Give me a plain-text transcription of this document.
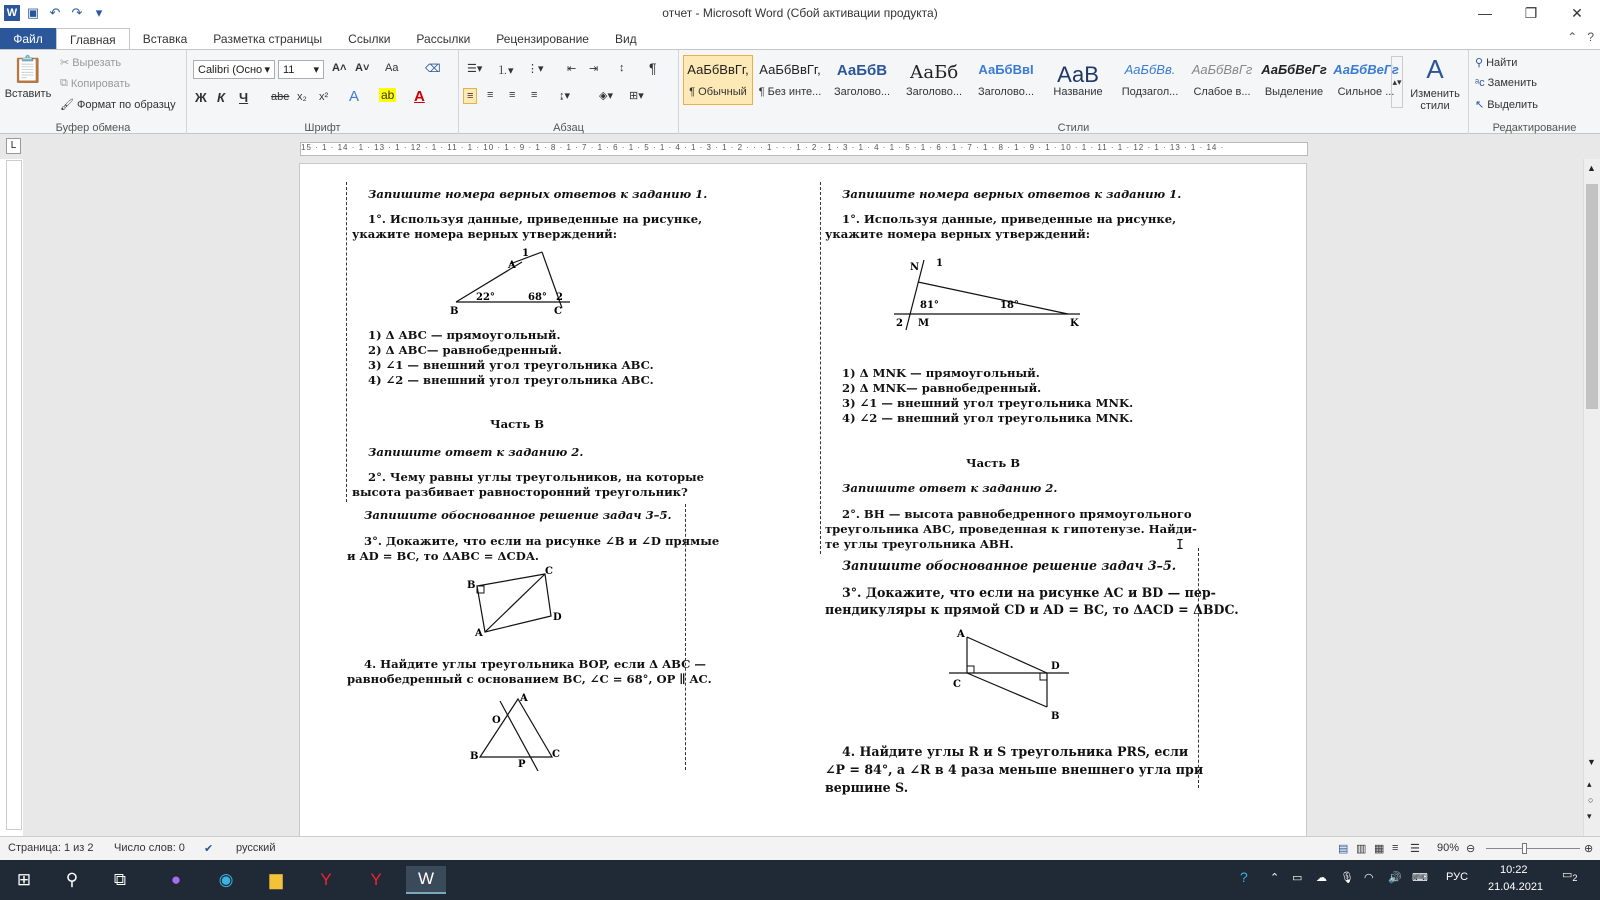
W ▣ ↶ ↷	▾	отчет - Microsoft Word (Сбой активации продукта)	—	❐	✕
Файл	Главная	Вставка	Разметка страницы	Ссылки	Рассылки	Рецензирование	Вид	⌃ ?
📋
Вставить
✂ Вырезать
⧉ Копировать
🖌 Формат по образцу
Буфер обмена
Calibri (Осно ▾ 11 ▾ A˄ A˅ Aa ⌫
Ж К Ч abe x₂ x² A ab A
Шрифт
☰▾ ⒈▾ ⋮▾ ⇤ ⇥ ↕ ¶
≡	≡ ≡ ≡ ↨▾	◈▾ ⊞▾
Абзац
АаБбВвГг,
¶ Обычный
АаБбВвГг,
¶ Без инте...
АаБбВ
Заголово...
АаБб
Заголово...
АаБбВвI
Заголово...
АаВ
Название
АаБбВв.
Подзагол...
АаБбВвГг
Слабое в...
АаБбВеГг
Выделение
АаБбВеГг
Сильное ...
▴▾ A
Изменить стили
Стили
⚲ Найти
ᵃc Заменить
↖ Выделить
Редактирование
L	15 · 1 · 14 · 1 · 13 · 1 · 12 · 1 · 11 · 1 · 10 · 1 · 9 · 1 · 8 · 1 · 7 · 1 · 6 · 1 · 5 · 1 · 4 · 1 · 3 · 1 · 2 · · · 1 · · · 1 · 2 · 1 · 3 · 1 · 4 · 1 · 5 · 1 · 6 · 1 · 7 · 1 · 8 · 1 · 9 · 1 · 10 · 1 · 11 · 1 · 12 · 1 · 13 · 1 · 14 ·
Запишите номера верных ответов к заданию 1.
1°. Используя данные, приведенные на рисунке,
укажите номера верных утверждений:
A
1
B	C
2
22°	68°
1) Δ ABC — прямоугольный.
2) Δ ABC— равнобедренный.
3) ∠1 — внешний угол треугольника ABC.
4) ∠2 — внешний угол треугольника ABC.
Часть B
Запишите ответ к заданию 2.
2°. Чему равны углы треугольников, на которые
высота разбивает равносторонний треугольник?
Запишите обоснованное решение задач 3–5.
3°. Докажите, что если на рисунке ∠B и ∠D прямые
и AD = BC, то ΔABC = ΔCDA.
B
C
D
A
4. Найдите углы треугольника BOP, если Δ ABC —
равнобедренный с основанием BC, ∠C = 68°, OP ∥ AC.
A
O
B	C
P
Запишите номера верных ответов к заданию 1.
1°. Используя данные, приведенные на рисунке,
укажите номера верных утверждений:
N 1
81°	18°
2 M	K
1) Δ MNK — прямоугольный.
2) Δ MNK— равнобедренный.
3) ∠1 — внешний угол треугольника MNK.
4) ∠2 — внешний угол треугольника MNK.
Часть B
Запишите ответ к заданию 2.
2°. BH — высота равнобедренного прямоугольного
треугольника ABC, проведенная к гипотенузе. Найди-
те углы треугольника ABH.	I
Запишите обоснованное решение задач 3–5.
3°. Докажите, что если на рисунке AC и BD — пер-
пендикуляры к прямой CD и AD = BC, то ΔACD = ΔBDC.
A
D
C
B
4. Найдите углы R и S треугольника PRS, если
∠P = 84°, а ∠R в 4 раза меньше внешнего угла при
вершине S.
▲
▼
▴
○
▾
Страница: 1 из 2 Число слов: 0 ✔ русский	▤ ▥ ▦ ≡ ☰ 90% ⊖	⊕
⊞	⚲	⧉	●	◉	▆	Y	Y	W	? ⌃ ▭ ☁ 🎙 ◠ 🔊 ⌨ РУС
10:22
21.04.2021
$▭_2$
